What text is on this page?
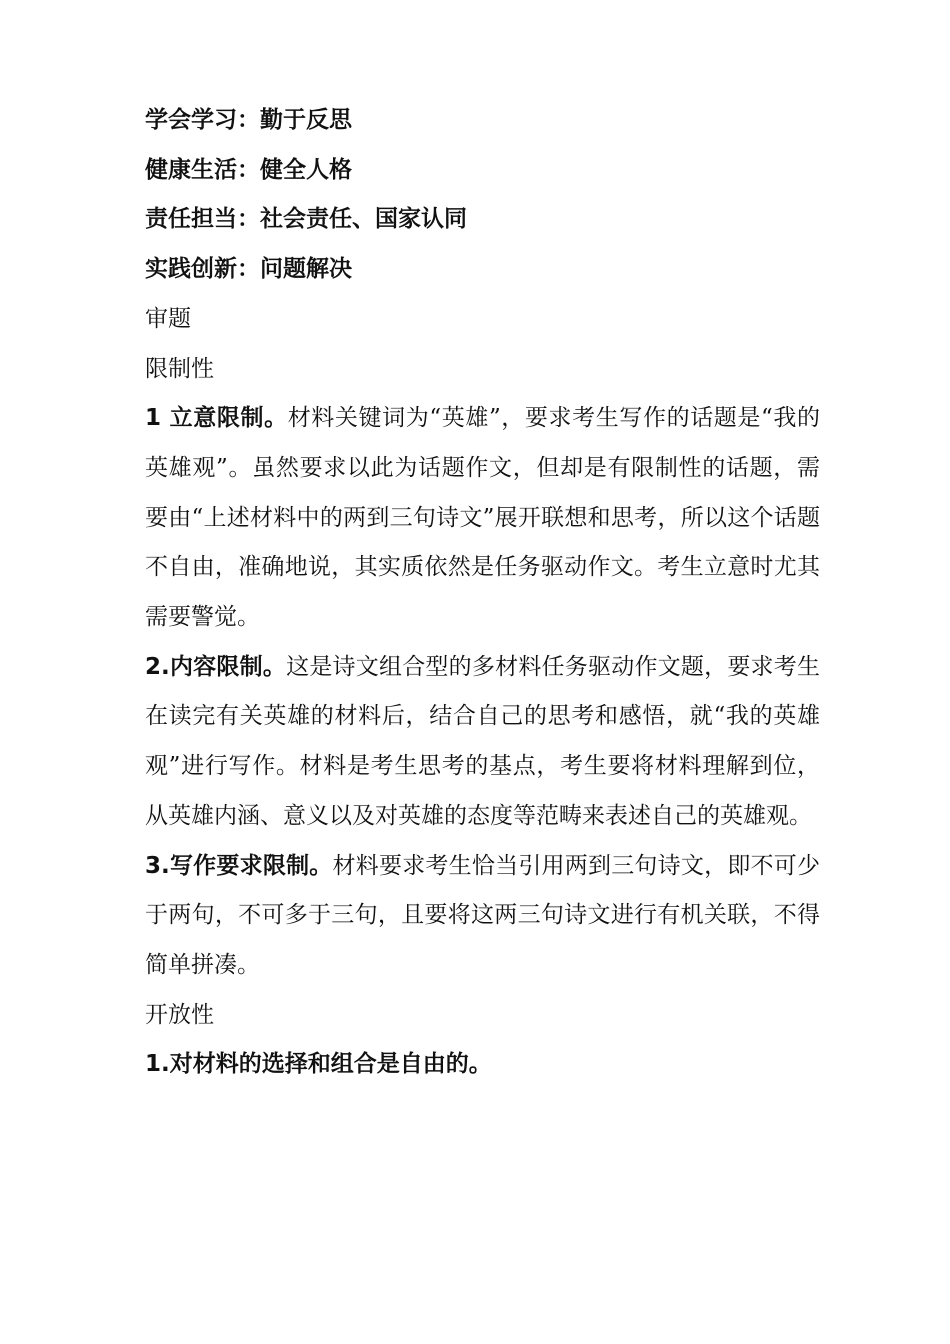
学会学习：勤于反思

健康生活：健全人格

责任担当：社会责任、国家认同

实践创新：问题解决

审题

限制性

1 立意限制。材料关键词为“英雄”，要求考生写作的话题是“我的英雄观”。虽然要求以此为话题作文，但却是有限制性的话题，需要由“上述材料中的两到三句诗文”展开联想和思考，所以这个话题不自由，准确地说，其实质依然是任务驱动作文。考生立意时尤其需要警觉。

2.内容限制。这是诗文组合型的多材料任务驱动作文题，要求考生在读完有关英雄的材料后，结合自己的思考和感悟，就“我的英雄观”进行写作。材料是考生思考的基点，考生要将材料理解到位，从英雄内涵、意义以及对英雄的态度等范畴来表述自己的英雄观。

3.写作要求限制。材料要求考生恰当引用两到三句诗文，即不可少于两句，不可多于三句，且要将这两三句诗文进行有机关联，不得简单拼凑。

开放性

1.对材料的选择和组合是自由的。
